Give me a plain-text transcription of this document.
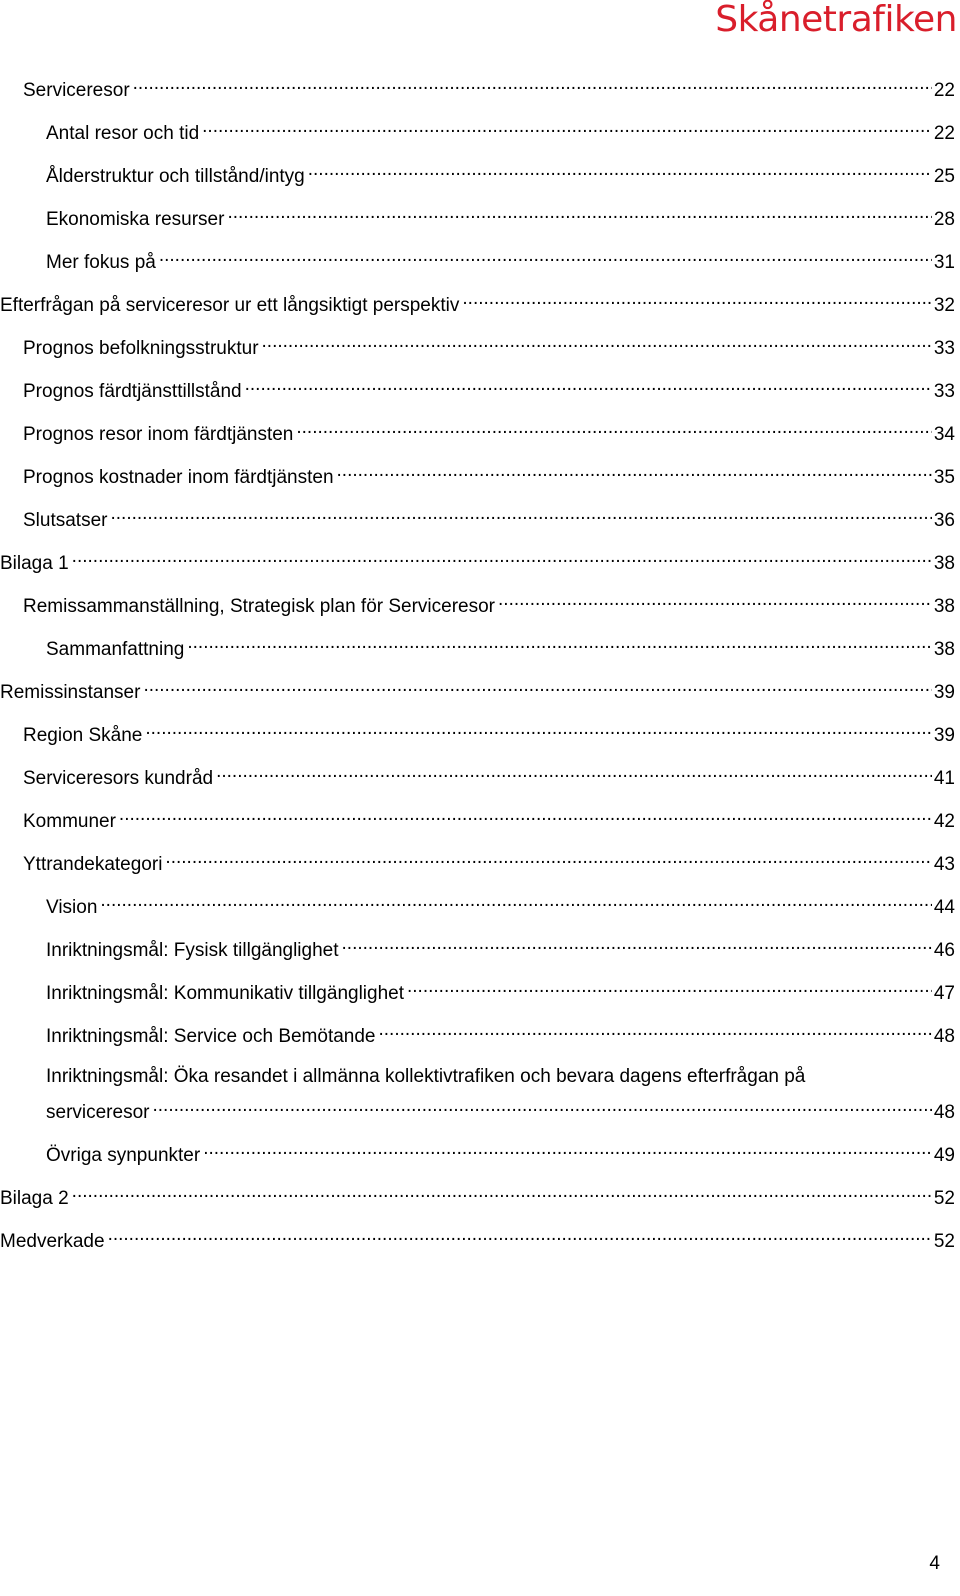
Skånetrafiken
Serviceresor .....	22
Antal resor och tid .....	22
Ålderstruktur och tillstånd/intyg .....	25
Ekonomiska resurser .....	28
Mer fokus på .....	31
Efterfrågan på serviceresor ur ett långsiktigt perspektiv .....	32
Prognos befolkningsstruktur .....	33
Prognos färdtjänsttillstånd .....	33
Prognos resor inom färdtjänsten .....	34
Prognos kostnader inom färdtjänsten .....	35
Slutsatser .....	36
Bilaga 1 .....	38
Remissammanställning, Strategisk plan för Serviceresor .....	38
Sammanfattning .....	38
Remissinstanser .....	39
Region Skåne .....	39
Serviceresors kundråd .....	41
Kommuner .....	42
Yttrandekategori .....	43
Vision .....	44
Inriktningsmål: Fysisk tillgänglighet .....	46
Inriktningsmål: Kommunikativ tillgänglighet .....	47
Inriktningsmål: Service och Bemötande .....	48
Inriktningsmål: Öka resandet i allmänna kollektivtrafiken och bevara dagens efterfrågan på
serviceresor .....	48
Övriga synpunkter .....	49
Bilaga 2 .....	52
Medverkade .....	52
4
